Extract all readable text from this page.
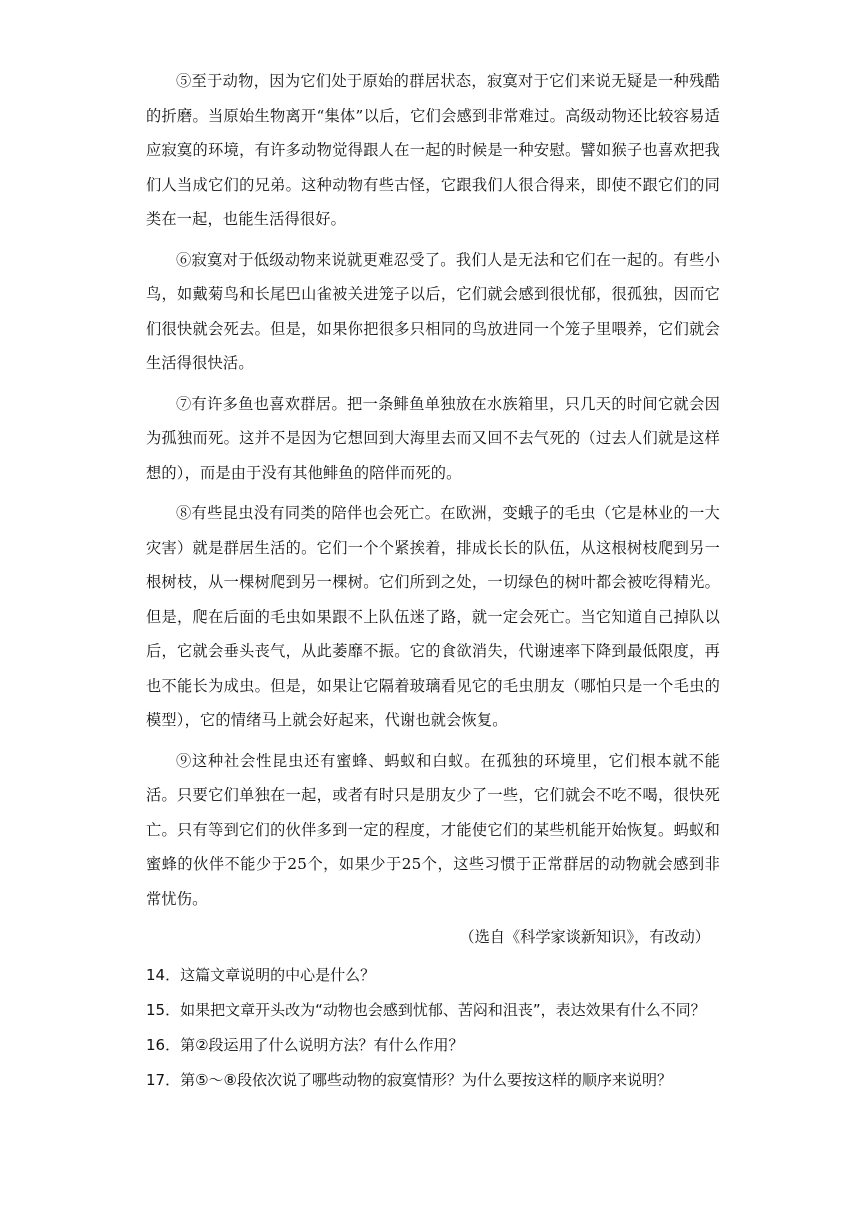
⑤至于动物，因为它们处于原始的群居状态，寂寞对于它们来说无疑是一种残酷的折磨。当原始生物离开“集体”以后，它们会感到非常难过。高级动物还比较容易适应寂寞的环境，有许多动物觉得跟人在一起的时候是一种安慰。譬如猴子也喜欢把我们人当成它们的兄弟。这种动物有些古怪，它跟我们人很合得来，即使不跟它们的同类在一起，也能生活得很好。

⑥寂寞对于低级动物来说就更难忍受了。我们人是无法和它们在一起的。有些小鸟，如戴菊鸟和长尾巴山雀被关进笼子以后，它们就会感到很忧郁，很孤独，因而它们很快就会死去。但是，如果你把很多只相同的鸟放进同一个笼子里喂养，它们就会生活得很快活。

⑦有许多鱼也喜欢群居。把一条鲱鱼单独放在水族箱里，只几天的时间它就会因为孤独而死。这并不是因为它想回到大海里去而又回不去气死的（过去人们就是这样想的），而是由于没有其他鲱鱼的陪伴而死的。

⑧有些昆虫没有同类的陪伴也会死亡。在欧洲，变蛾子的毛虫（它是林业的一大灾害）就是群居生活的。它们一个个紧挨着，排成长长的队伍，从这根树枝爬到另一根树枝，从一棵树爬到另一棵树。它们所到之处，一切绿色的树叶都会被吃得精光。但是，爬在后面的毛虫如果跟不上队伍迷了路，就一定会死亡。当它知道自己掉队以后，它就会垂头丧气，从此萎靡不振。它的食欲消失，代谢速率下降到最低限度，再也不能长为成虫。但是，如果让它隔着玻璃看见它的毛虫朋友（哪怕只是一个毛虫的模型），它的情绪马上就会好起来，代谢也就会恢复。

⑨这种社会性昆虫还有蜜蜂、蚂蚁和白蚁。在孤独的环境里，它们根本就不能活。只要它们单独在一起，或者有时只是朋友少了一些，它们就会不吃不喝，很快死亡。只有等到它们的伙伴多到一定的程度，才能使它们的某些机能开始恢复。蚂蚁和蜜蜂的伙伴不能少于25个，如果少于25个，这些习惯于正常群居的动物就会感到非常忧伤。

（选自《科学家谈新知识》，有改动）

14．这篇文章说明的中心是什么？

15．如果把文章开头改为“动物也会感到忧郁、苦闷和沮丧”，表达效果有什么不同？

16．第②段运用了什么说明方法？有什么作用？

17．第⑤～⑧段依次说了哪些动物的寂寞情形？为什么要按这样的顺序来说明？
